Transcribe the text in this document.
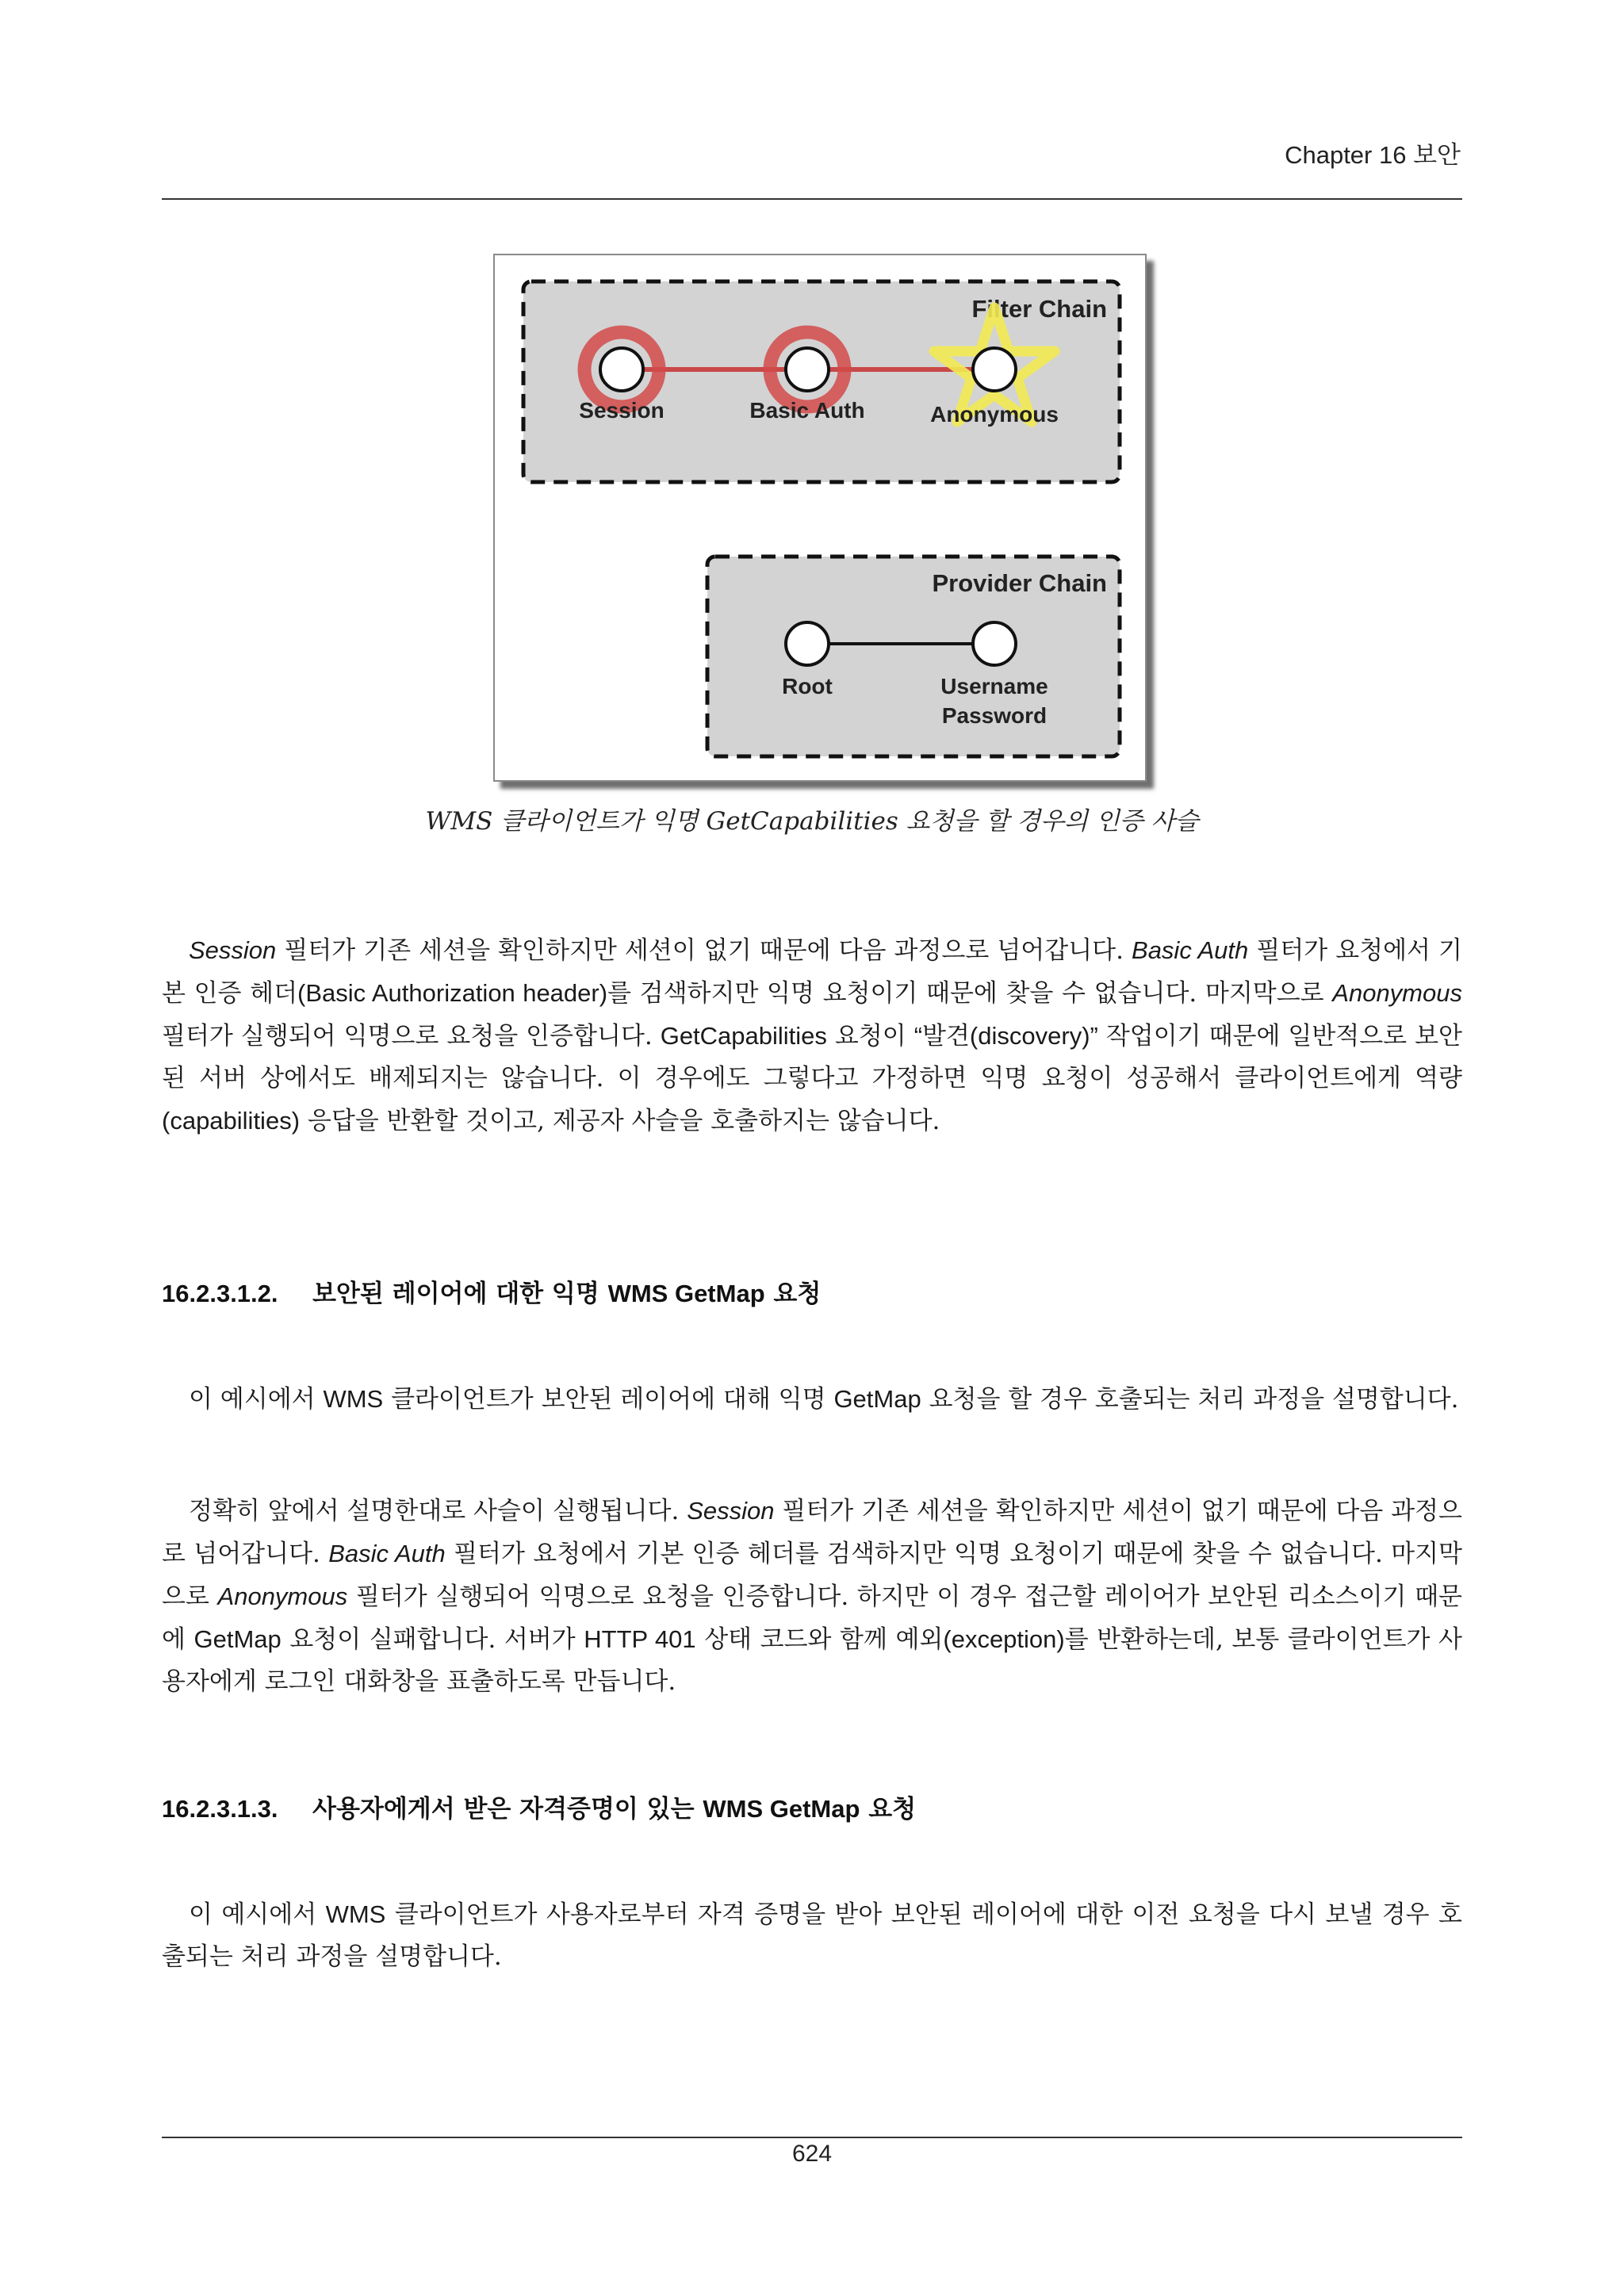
Chapter 16 보안
Filter Chain
Session	Basic Auth	Anonymous
Provider Chain
Root	Username
Password
WMS 클라이언트가 익명 GetCapabilities 요청을 할 경우의 인증 사슬

Session 필터가 기존 세션을 확인하지만 세션이 없기 때문에 다음 과정으로 넘어갑니다. Basic Auth 필터가 요청에서 기본 인증 헤더(Basic Authorization header)를 검색하지만 익명 요청이기 때문에 찾을 수 없습니다. 마지막으로 Anonymous 필터가 실행되어 익명으로 요청을 인증합니다. GetCapabilities 요청이 “발견(discovery)” 작업이기 때문에 일반적으로 보안된 서버 상에서도 배제되지는 않습니다. 이 경우에도 그렇다고 가정하면 익명 요청이 성공해서 클라이언트에게 역량(capabilities) 응답을 반환할 것이고, 제공자 사슬을 호출하지는 않습니다.

16.2.3.1.2. 보안된 레이어에 대한 익명 WMS GetMap 요청

이 예시에서 WMS 클라이언트가 보안된 레이어에 대해 익명 GetMap 요청을 할 경우 호출되는 처리 과정을 설명합니다.

정확히 앞에서 설명한대로 사슬이 실행됩니다. Session 필터가 기존 세션을 확인하지만 세션이 없기 때문에 다음 과정으로 넘어갑니다. Basic Auth 필터가 요청에서 기본 인증 헤더를 검색하지만 익명 요청이기 때문에 찾을 수 없습니다. 마지막으로 Anonymous 필터가 실행되어 익명으로 요청을 인증합니다. 하지만 이 경우 접근할 레이어가 보안된 리소스이기 때문에 GetMap 요청이 실패합니다. 서버가 HTTP 401 상태 코드와 함께 예외(exception)를 반환하는데, 보통 클라이언트가 사용자에게 로그인 대화창을 표출하도록 만듭니다.

16.2.3.1.3. 사용자에게서 받은 자격증명이 있는 WMS GetMap 요청

이 예시에서 WMS 클라이언트가 사용자로부터 자격 증명을 받아 보안된 레이어에 대한 이전 요청을 다시 보낼 경우 호출되는 처리 과정을 설명합니다.

624
